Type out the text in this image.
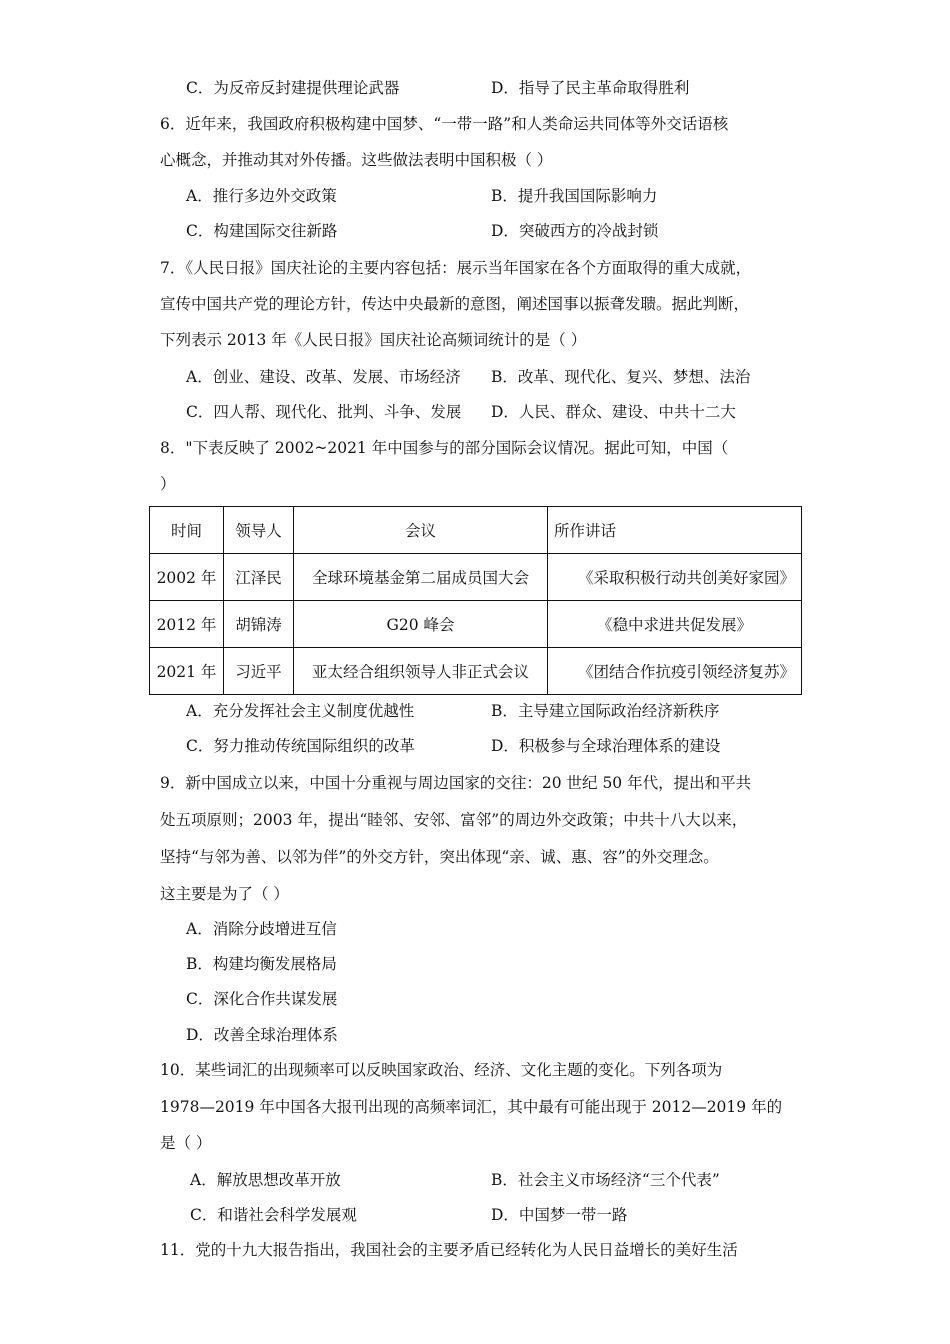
C．为反帝反封建提供理论武器	D．指导了民主革命取得胜利
6．近年来，我国政府积极构建中国梦、“一带一路”和人类命运共同体等外交话语核
心概念，并推动其对外传播。这些做法表明中国积极（ ）
A．推行多边外交政策	B．提升我国国际影响力
C．构建国际交往新路	D．突破西方的冷战封锁
7．《人民日报》国庆社论的主要内容包括：展示当年国家在各个方面取得的重大成就，
宣传中国共产党的理论方针，传达中央最新的意图，阐述国事以振聋发聩。据此判断，
下列表示 2013 年《人民日报》国庆社论高频词统计的是（ ）
A．创业、建设、改革、发展、市场经济 B．改革、现代化、复兴、梦想、法治
C．四人帮、现代化、批判、斗争、发展 D．人民、群众、建设、中共十二大
8．"下表反映了 2002~2021 年中国参与的部分国际会议情况。据此可知，中国（
）
时间	领导人	会议	所作讲话
2002 年	江泽民	全球环境基金第二届成员国大会	《采取积极行动共创美好家园》
2012 年	胡锦涛	G20 峰会	《稳中求进共促发展》
2021 年	习近平	亚太经合组织领导人非正式会议	《团结合作抗疫引领经济复苏》
A．充分发挥社会主义制度优越性	B．主导建立国际政治经济新秩序
C．努力推动传统国际组织的改革	D．积极参与全球治理体系的建设
9．新中国成立以来，中国十分重视与周边国家的交往：20 世纪 50 年代，提出和平共
处五项原则；2003 年，提出“睦邻、安邻、富邻”的周边外交政策；中共十八大以来，
坚持“与邻为善、以邻为伴”的外交方针，突出体现“亲、诚、惠、容”的外交理念。
这主要是为了（ ）
A．消除分歧增进互信
B．构建均衡发展格局
C．深化合作共谋发展
D．改善全球治理体系
10．某些词汇的出现频率可以反映国家政治、经济、文化主题的变化。下列各项为
1978—2019 年中国各大报刊出现的高频率词汇，其中最有可能出现于 2012—2019 年的
是（ ）
A．解放思想改革开放	B．社会主义市场经济“三个代表”
C．和谐社会科学发展观	D．中国梦一带一路
11．党的十九大报告指出，我国社会的主要矛盾已经转化为人民日益增长的美好生活
